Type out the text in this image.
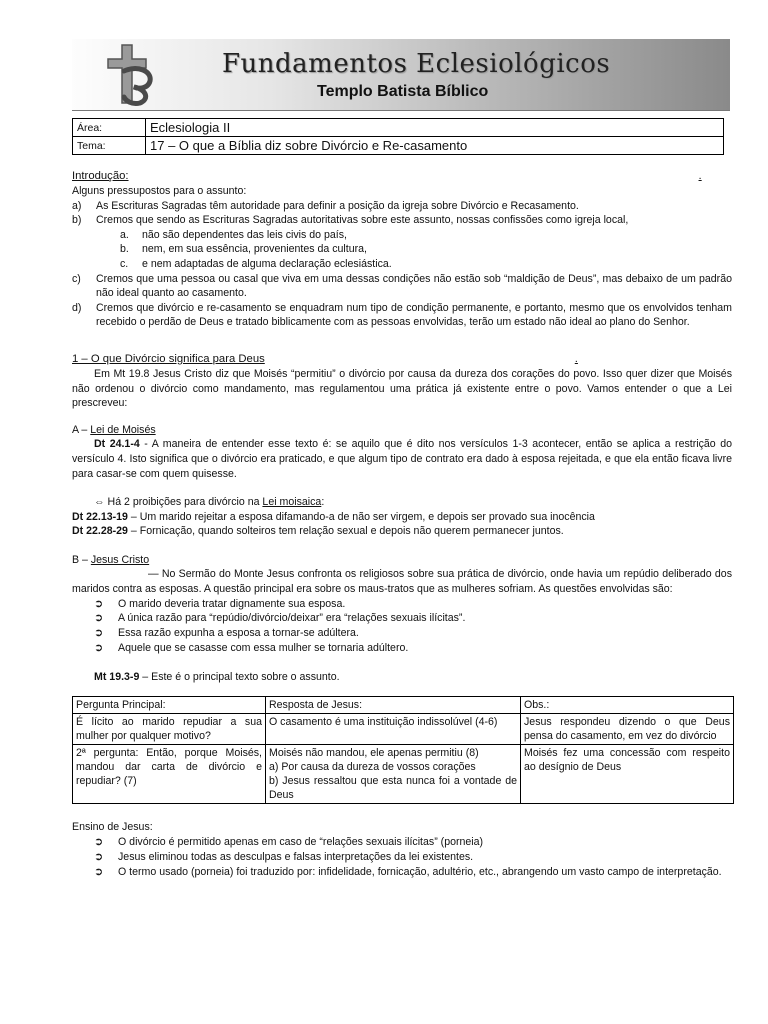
Fundamentos Eclesiológicos
Templo Batista Bíblico
Área:	Eclesiologia II
Tema:	17 – O que a Bíblia diz sobre Divórcio e Re-casamento
Introdução:	.

Alguns pressupostos para o assunto:

a) As Escrituras Sagradas têm autoridade para definir a posição da igreja sobre Divórcio e Recasamento.
b) Cremos que sendo as Escrituras Sagradas autoritativas sobre este assunto, nossas confissões como igreja local,
a. não são dependentes das leis civis do país,
b. nem, em sua essência, provenientes da cultura,
c. e nem adaptadas de alguma declaração eclesiástica.
c) Cremos que uma pessoa ou casal que viva em uma dessas condições não estão sob “maldição de Deus”, mas debaixo de um padrão não ideal quanto ao casamento.
d) Cremos que divórcio e re-casamento se enquadram num tipo de condição permanente, e portanto, mesmo que os envolvidos tenham recebido o perdão de Deus e tratado biblicamente com as pessoas envolvidas, terão um estado não ideal ao plano do Senhor.
1 – O que Divórcio significa para Deus	.

Em Mt 19.8 Jesus Cristo diz que Moisés “permitiu” o divórcio por causa da dureza dos corações do povo. Isso quer dizer que Moisés não ordenou o divórcio como mandamento, mas regulamentou uma prática já existente entre o povo. Vamos entender o que a Lei prescreveu:

A – Lei de Moisés

Dt 24.1-4 - A maneira de entender esse texto é: se aquilo que é dito nos versículos 1-3 acontecer, então se aplica a restrição do versículo 4. Isto significa que o divórcio era praticado, e que algum tipo de contrato era dado à esposa rejeitada, e que ela então ficava livre para casar-se com quem quisesse.

⇔ Há 2 proibições para divórcio na Lei moisaica:

Dt 22.13-19 – Um marido rejeitar a esposa difamando-a de não ser virgem, e depois ser provado sua inocência

Dt 22.28-29 – Fornicação, quando solteiros tem relação sexual e depois não querem permanecer juntos.

B – Jesus Cristo

— No Sermão do Monte Jesus confronta os religiosos sobre sua prática de divórcio, onde havia um repúdio deliberado dos maridos contra as esposas. A questão principal era sobre os maus-tratos que as mulheres sofriam. As questões envolvidas são:

➲ O marido deveria tratar dignamente sua esposa.
➲ A única razão para “repúdio/divórcio/deixar” era “relações sexuais ilícitas”.
➲ Essa razão expunha a esposa a tornar-se adúltera.
➲ Aquele que se casasse com essa mulher se tornaria adúltero.

Mt 19.3-9 – Este é o principal texto sobre o assunto.

Pergunta Principal:	Resposta de Jesus:	Obs.:
É lícito ao marido repudiar a sua mulher por qualquer motivo?	O casamento é uma instituição indissolúvel (4-6)	Jesus respondeu dizendo o que Deus pensa do casamento, em vez do divórcio
2ª pergunta: Então, porque Moisés, mandou dar carta de divórcio e repudiar? (7)	Moisés não mandou, ele apenas permitiu (8)
a) Por causa da dureza de vossos corações
b) Jesus ressaltou que esta nunca foi a vontade de Deus	Moisés fez uma concessão com respeito ao desígnio de Deus

Ensino de Jesus:

➲ O divórcio é permitido apenas em caso de “relações sexuais ilícitas” (porneia)
➲ Jesus eliminou todas as desculpas e falsas interpretações da lei existentes.
➲ O termo usado (porneia) foi traduzido por: infidelidade, fornicação, adultério, etc., abrangendo um vasto campo de interpretação.
